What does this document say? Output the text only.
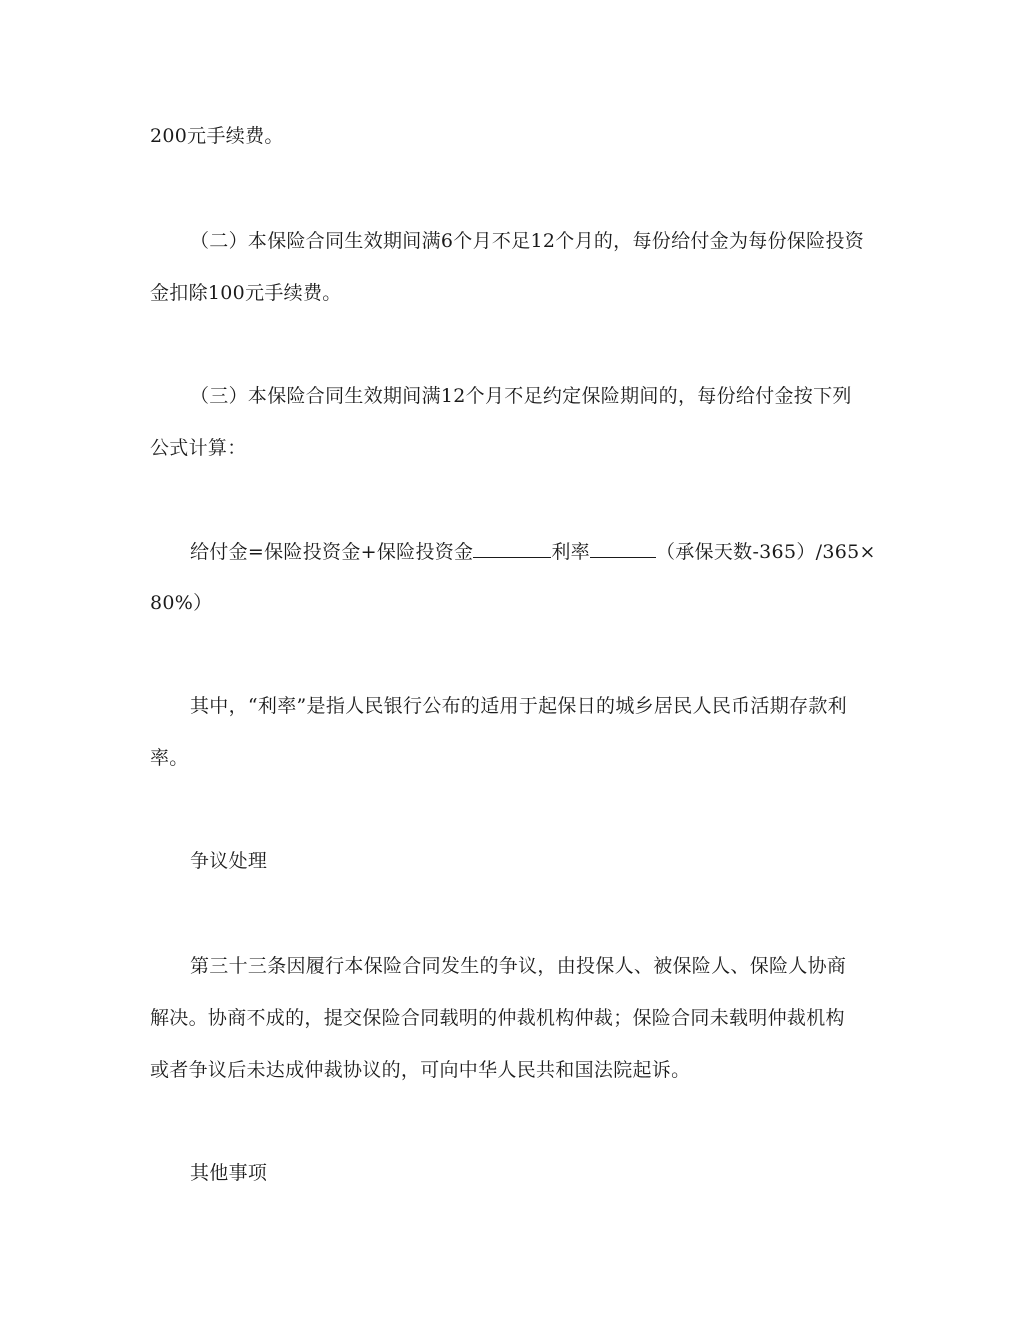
200元手续费。
（二）本保险合同生效期间满6个月不足12个月的，每份给付金为每份保险投资
金扣除100元手续费。
（三）本保险合同生效期间满12个月不足约定保险期间的，每份给付金按下列
公式计算：
给付金=保险投资金+保险投资金	利率	（承保天数-365）/365×
80%）
其中，“利率”是指人民银行公布的适用于起保日的城乡居民人民币活期存款利
率。
争议处理
第三十三条因履行本保险合同发生的争议，由投保人、被保险人、保险人协商
解决。协商不成的，提交保险合同载明的仲裁机构仲裁；保险合同未载明仲裁机构
或者争议后未达成仲裁协议的，可向中华人民共和国法院起诉。
其他事项
